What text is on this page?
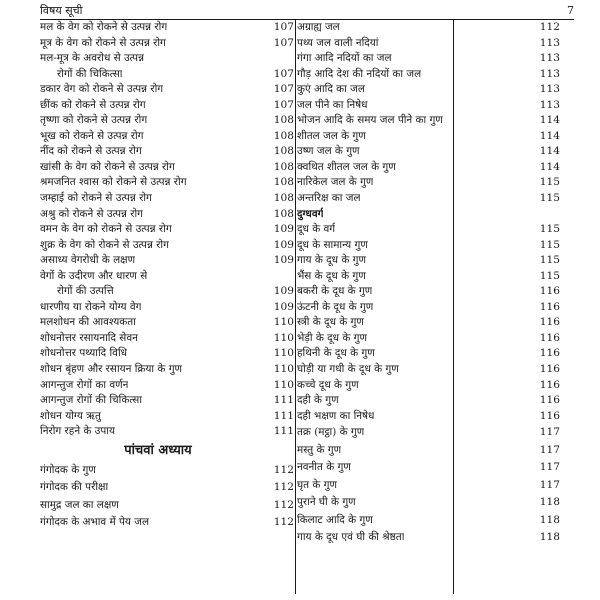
विषय सूची	7
मल के वेग को रोकने से उत्पन्न रोग	107
मूत्र के वेग को रोकने से उत्पन्न रोग	107
मल-मूत्र के अवरोध से उत्पन्न
रोगों की चिकित्सा	107
डकार वेग को रोकने से उत्पन्न रोग	107
छींक को रोकने से उत्पन्न रोग	107
तृष्णा को रोकने से उत्पन्न रोग	108
भूख को रोकने से उत्पन्न रोग	108
नींद को रोकने से उत्पन्न रोग	108
खांसी के वेग को रोकने से उत्पन्न रोग	108
श्रमजनित श्वास को रोकने से उत्पन्न रोग	108
जम्हाई को रोकने से उत्पन्न रोग	108
अश्रु को रोकने से उत्पन्न रोग	108
वमन के वेग को रोकने से उत्पन्न रोग	109
शुक्र के वेग को रोकने से उत्पन्न रोग	109
असाध्य वेगरोधी के लक्षण	109
वेगों के उदीरण और धारण से
रोगों की उत्पत्ति	109
धारणीय या रोकने योग्य वेग	109
मलशोधन की आवश्यकता	110
शोधनोत्तर रसायनादि सेवन	110
शोधनोत्तर पथ्यादि विधि	110
शोधन बृंहण और रसायन क्रिया के गुण	110
आगन्तुज रोगों का वर्णन	110
आगन्तुज रोगों की चिकित्सा	111
शोधन योग्य ऋतु	111
निरोग रहने के उपाय	111
पांचवां अध्याय
गंगोदक के गुण	112
गंगोदक की परीक्षा	112
सामुद्र जल का लक्षण	112
गंगोदक के अभाव में पेय जल	112
अग्राह्य जल	112
पथ्य जल वाली नदियां	113
गंगा आदि नदियों का जल	113
गौड़ आदि देश की नदियों का जल	113
कुएं आदि का जल	113
जल पीने का निषेध	113
भोजन आदि के समय जल पीने का गुण	114
शीतल जल के गुण	114
उष्ण जल के गुण	114
क्वथित शीतल जल के गुण	114
नारिकेल जल के गुण	115
अन्तरिक्ष का जल	115
दुग्धवर्ग
दूध के वर्ग	115
दूध के सामान्य गुण	115
गाय के दूध के गुण	115
भैंस के दूध के गुण	115
बकरी के दूध के गुण	116
ऊंटनी के दूध के गुण	116
स्त्री के दूध के गुण	116
भेड़ी के दूध के गुण	116
हथिनी के दूध के गुण	116
घोड़ी या गधी के दूध के गुण	116
कच्चे दूध के गुण	116
दही के गुण	116
दही भक्षण का निषेध	116
तक्र (मट्ठा) के गुण	117
मस्तु के गुण	117
नवनीत के गुण	117
घृत के गुण	117
पुराने घी के गुण	118
किलाट आदि के गुण	118
गाय के दूध एवं घी की श्रेष्ठता	118
